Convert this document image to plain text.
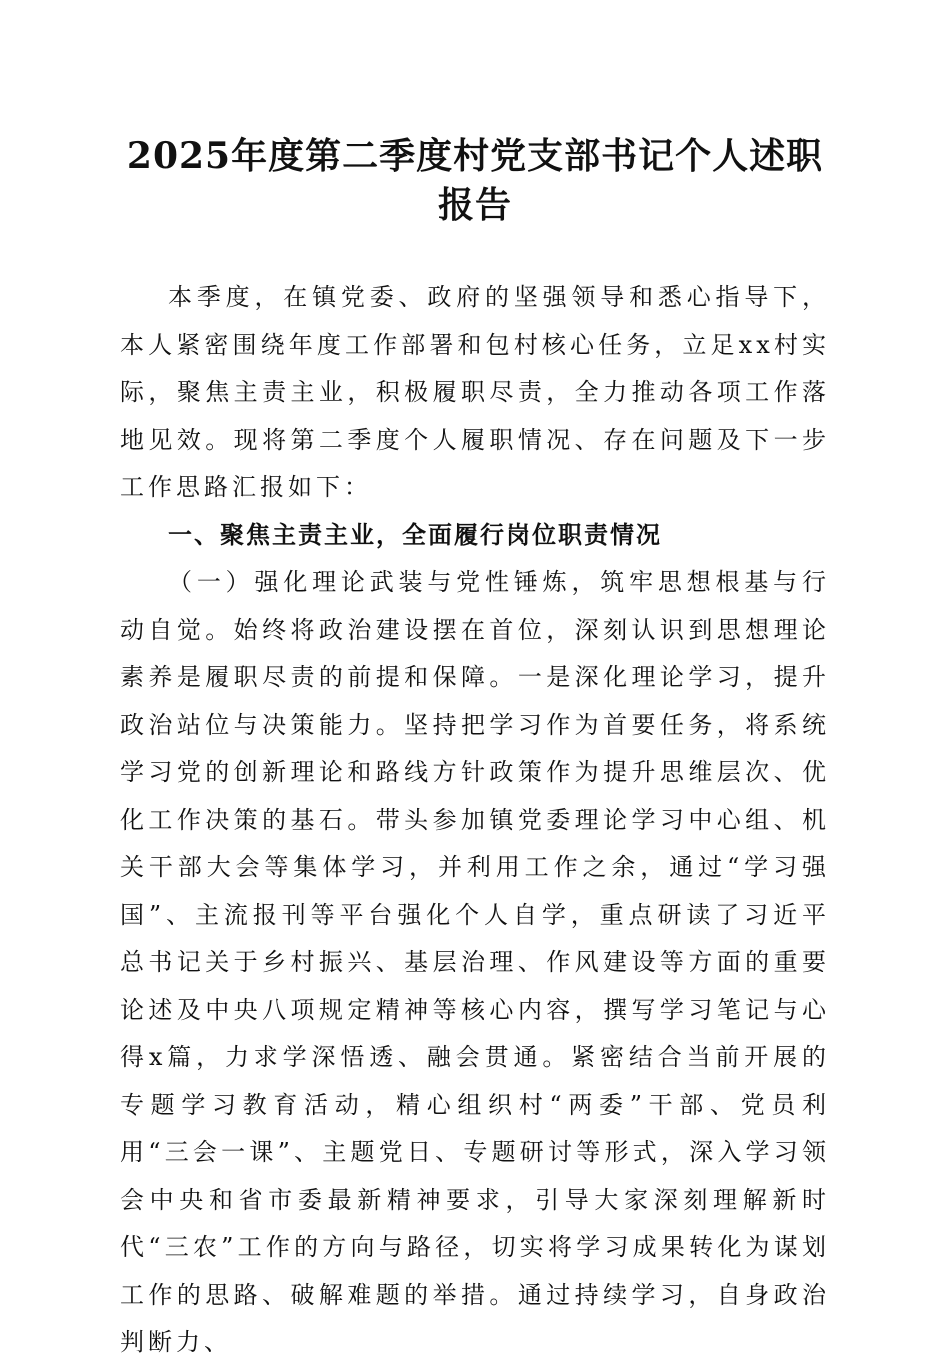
2025年度第二季度村党支部书记个人述职报告

本季度，在镇党委、政府的坚强领导和悉心指导下，本人紧密围绕年度工作部署和包村核心任务，立足xx村实际，聚焦主责主业，积极履职尽责，全力推动各项工作落地见效。现将第二季度个人履职情况、存在问题及下一步工作思路汇报如下：

一、聚焦主责主业，全面履行岗位职责情况

（一）强化理论武装与党性锤炼，筑牢思想根基与行动自觉。始终将政治建设摆在首位，深刻认识到思想理论素养是履职尽责的前提和保障。一是深化理论学习，提升政治站位与决策能力。坚持把学习作为首要任务，将系统学习党的创新理论和路线方针政策作为提升思维层次、优化工作决策的基石。带头参加镇党委理论学习中心组、机关干部大会等集体学习，并利用工作之余，通过“学习强国”、主流报刊等平台强化个人自学，重点研读了习近平总书记关于乡村振兴、基层治理、作风建设等方面的重要论述及中央八项规定精神等核心内容，撰写学习笔记与心得x篇，力求学深悟透、融会贯通。紧密结合当前开展的专题学习教育活动，精心组织村“两委”干部、党员利用“三会一课”、主题党日、专题研讨等形式，深入学习领会中央和省市委最新精神要求，引导大家深刻理解新时代“三农”工作的方向与路径，切实将学习成果转化为谋划工作的思路、破解难题的举措。通过持续学习，自身政治判断力、
